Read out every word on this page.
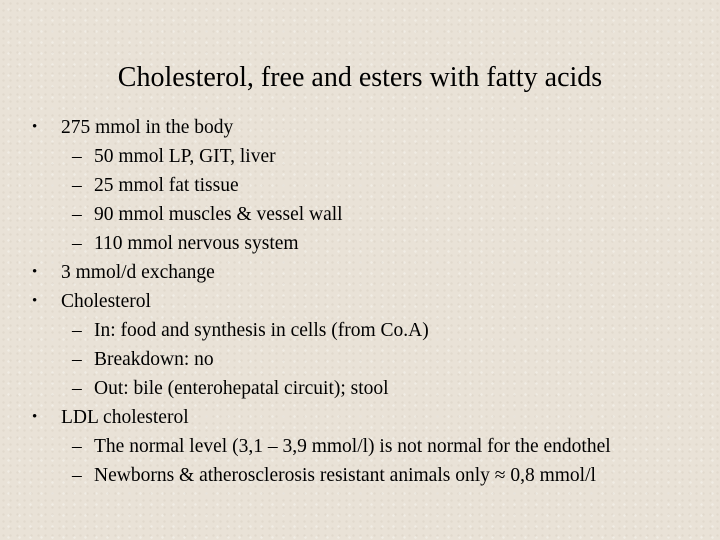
Cholesterol, free and esters with fatty acids
• 275 mmol in the body
– 50 mmol LP, GIT, liver
– 25 mmol fat tissue
– 90 mmol muscles & vessel wall
– 110 mmol nervous system
• 3 mmol/d exchange
• Cholesterol
– In: food and synthesis in cells (from Co.A)
– Breakdown: no
– Out: bile (enterohepatal circuit); stool
• LDL cholesterol
– The normal level (3,1 – 3,9 mmol/l) is not normal for the endothel
– Newborns & atherosclerosis resistant animals only ≈ 0,8 mmol/l
